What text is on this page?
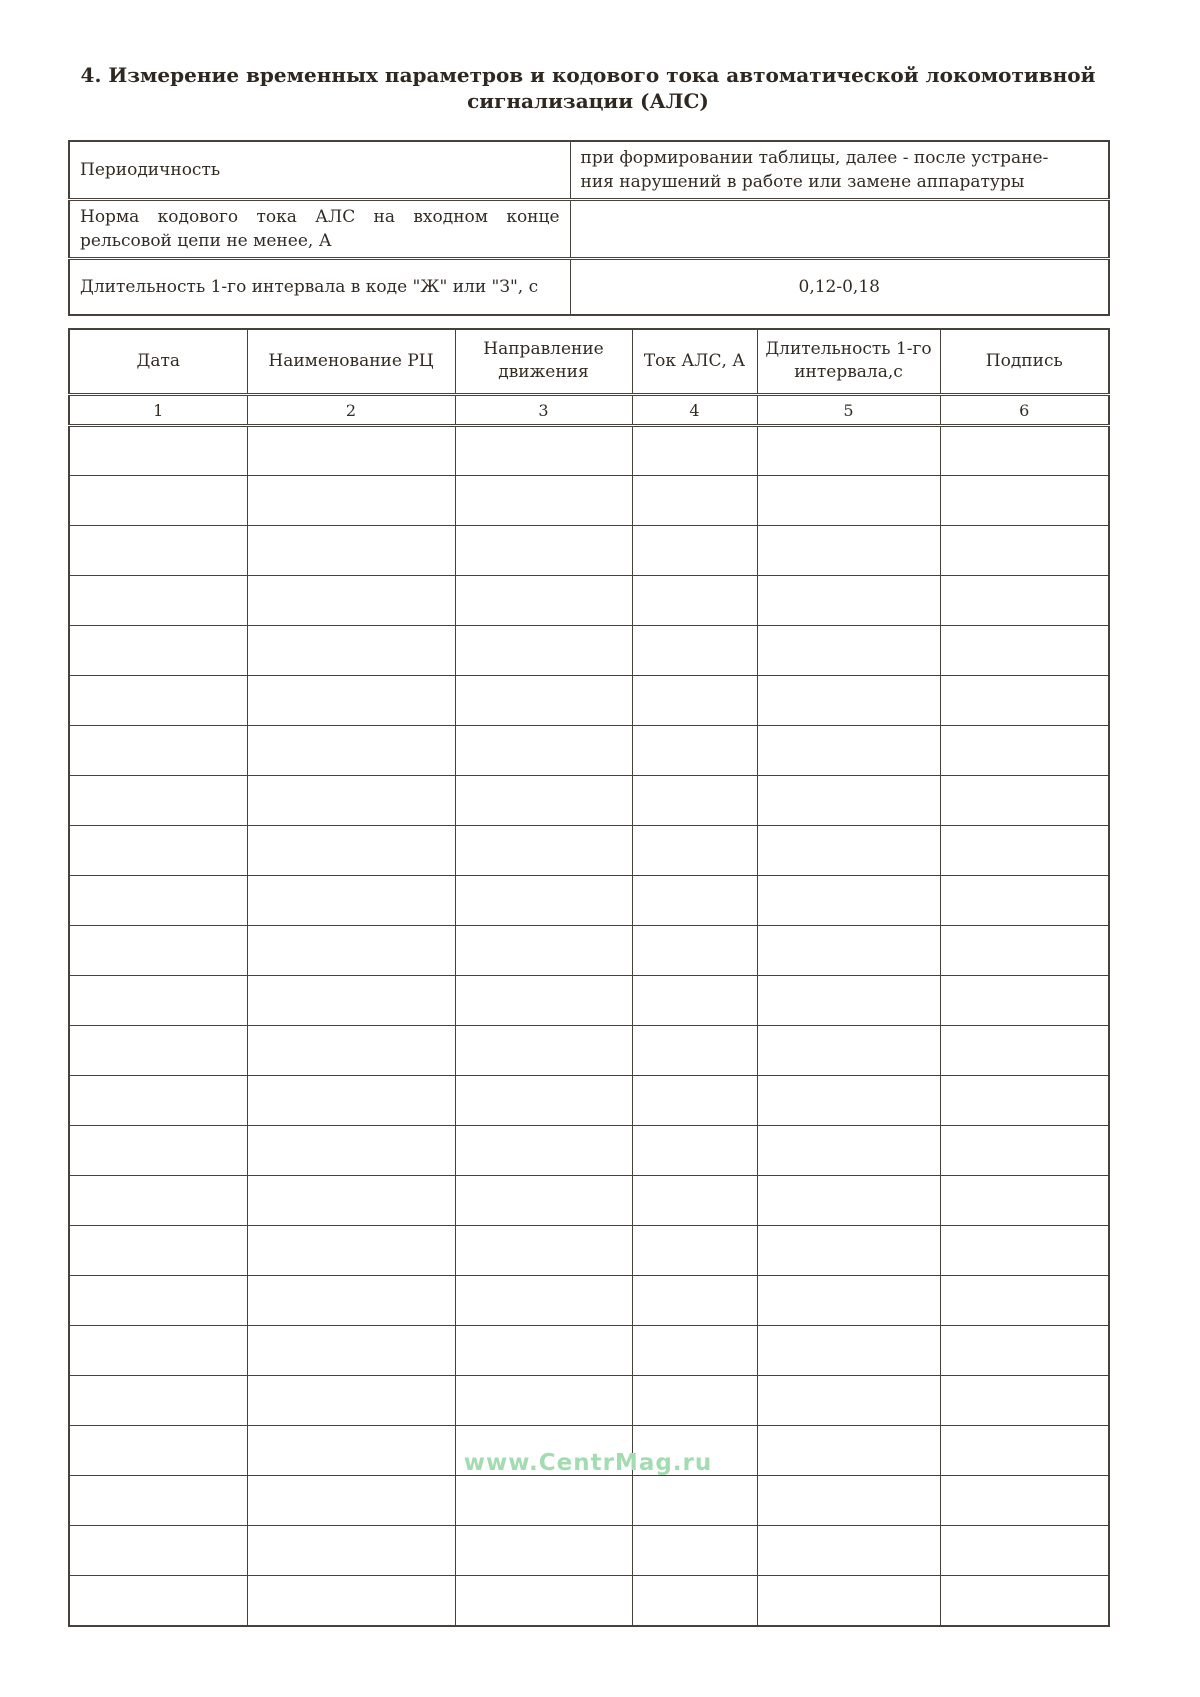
4. Измерение временных параметров и кодового тока автоматической локомотивной
сигнализации (АЛС)
Периодичность	при формировании таблицы, далее - после устране-
ния нарушений в работе или замене аппаратуры

Норма кодового тока АЛС на входном конце рельсовой цепи не менее, А	
Длительность 1-го интервала в коде "Ж" или "З", с	0,12-0,18
Дата	Наименование РЦ	Направление движения	Ток АЛС, А	Длительность 1-го интервала,с	Подпись
1	2	3	4	5	6

www.CentrMag.ru
